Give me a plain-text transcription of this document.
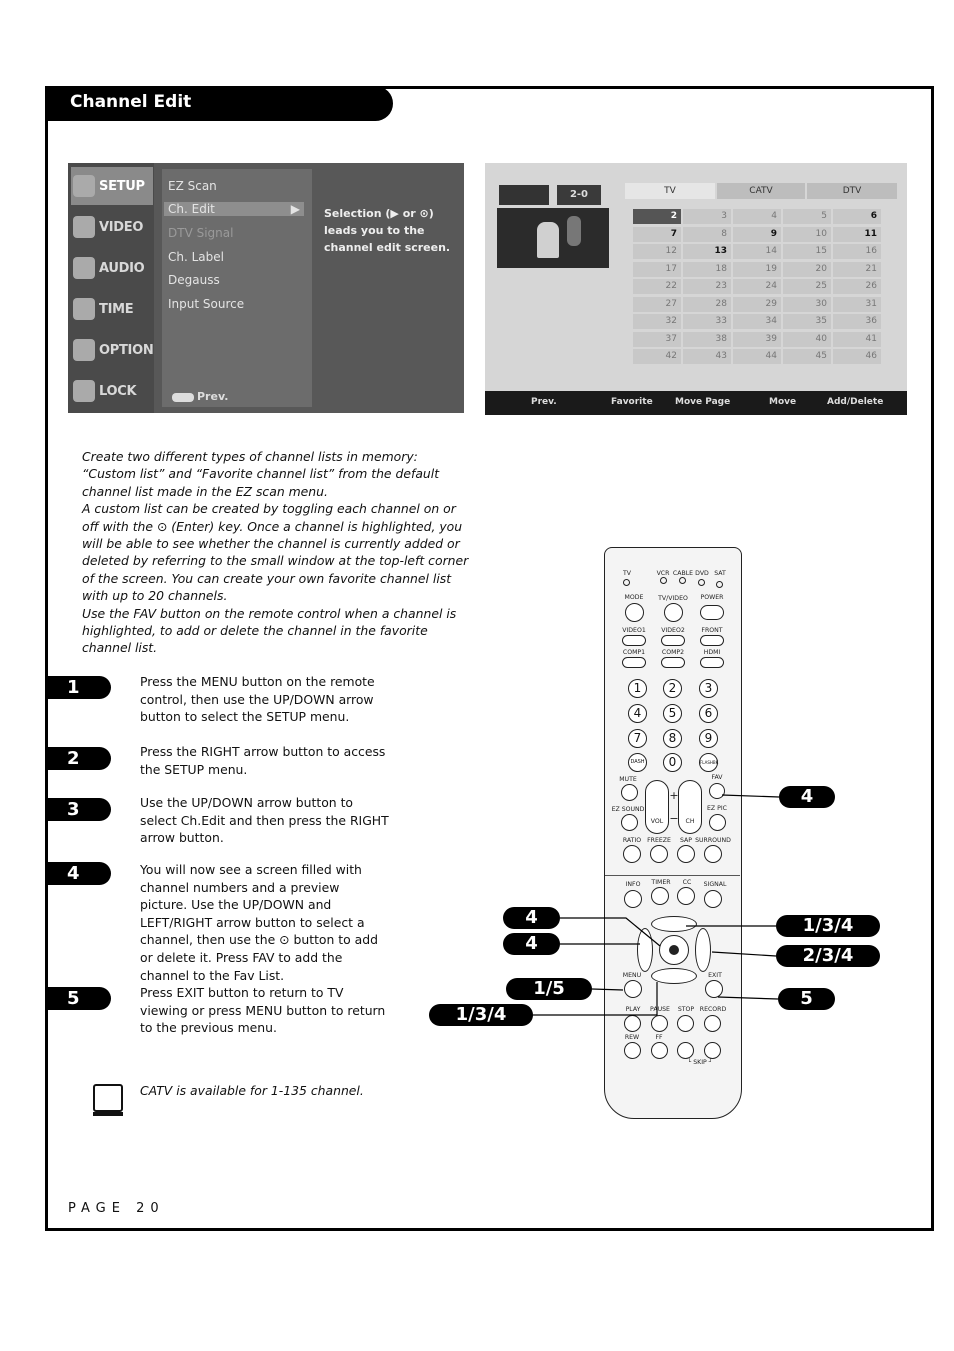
Channel Edit
SETUP
VIDEO
AUDIO
TIME
OPTION
LOCK
EZ Scan
Ch. Edit	▶
DTV Signal
Ch. Label
Degauss
Input Source
Prev.
Selection (▶ or ⊙) leads you to the channel edit screen.
2-0	TV	CATV	DTV
2	3	4	5	6
7	8	9	10	11
12	13	14	15	16
17	18	19	20	21
22	23	24	25	26
27	28	29	30	31
32	33	34	35	36
37	38	39	40	41
42	43	44	45	46
Prev.	Favorite Move Page	Move	Add/Delete

Create two different types of channel lists in memory: “Custom list” and “Favorite channel list” from the default channel list made in the EZ scan menu.

A custom list can be created by toggling each channel on or off with the ⊙ (Enter) key. Once a channel is highlighted, you will be able to see whether the channel is currently added or deleted by referring to the small window at the top-left corner of the screen. You can create your own favorite channel list with up to 20 channels.

Use the FAV button on the remote control when a channel is highlighted, to add or delete the channel in the favorite channel list.

1	Press the MENU button on the remote control, then use the UP/DOWN arrow button to select the SETUP menu.
2	Press the RIGHT arrow button to access the SETUP menu.
3	Use the UP/DOWN arrow button to select Ch.Edit and then press the RIGHT arrow button.
4	You will now see a screen filled with channel numbers and a preview picture. Use the UP/DOWN and LEFT/RIGHT arrow button to select a channel, then use the ⊙ button to add or delete it. Press FAV to add the channel to the Fav List.
5	Press EXIT button to return to TV viewing or press MENU button to return to the previous menu.
CATV is available for 1-135 channel.
PAGE 20
TV	VCR CABLE DVD SAT
MODE TV/VIDEO POWER
VIDEO1 VIDEO2	FRONT
COMP1	COMP2	HDMI
1	2	3
4	5	6
7	8	9
DASH	0	FLASHBK
MUTE	FAV
VOL	CH
+
−
EZ SOUND	EZ PIC
RATIO FREEZE SAP SURROUND
INFO TIMER CC SIGNAL
MENU	EXIT
PLAY PAUSE STOP RECORD
REW	FF
└ SKIP ┘
4
4
4
1/3/4
2/3/4
1/5	5
1/3/4
